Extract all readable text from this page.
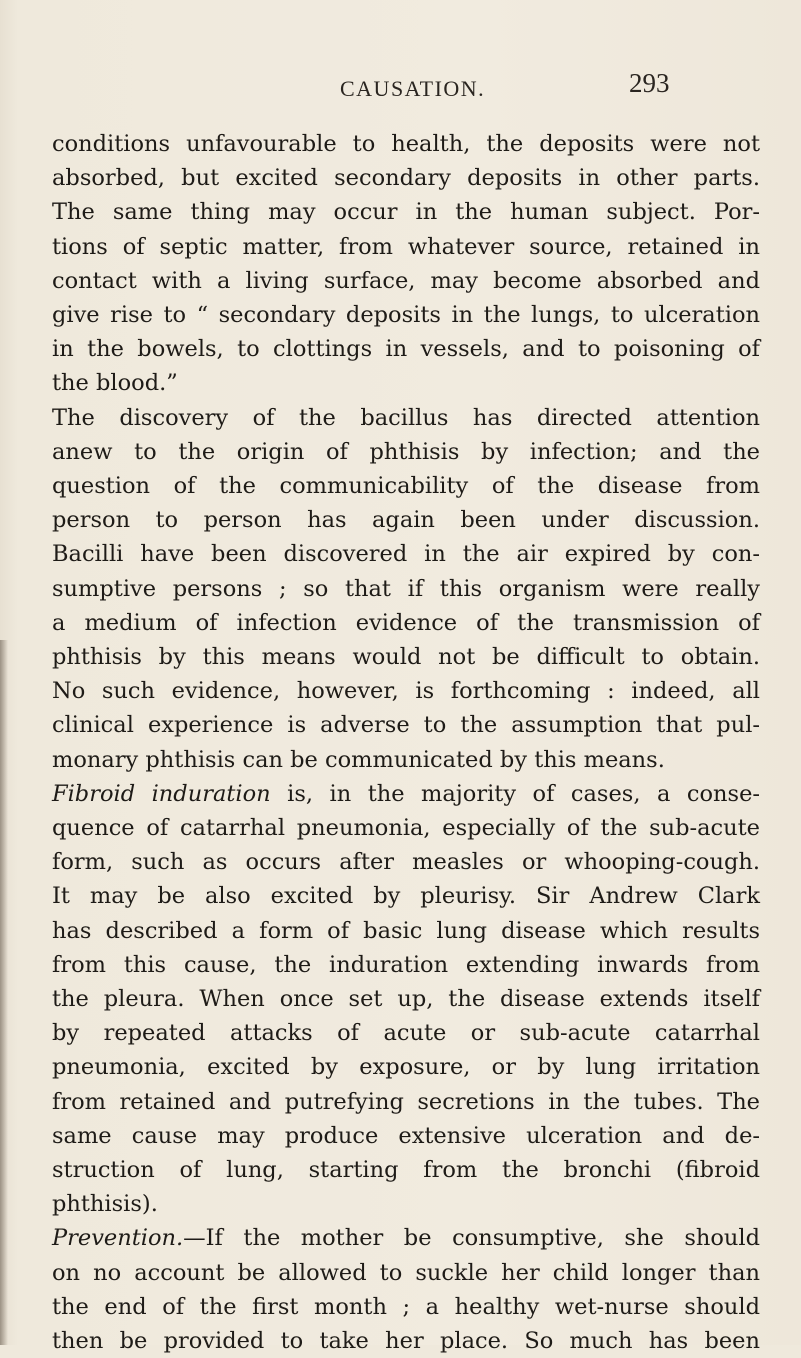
CAUSATION.	293
conditions unfavourable to health, the deposits were not
absorbed, but excited secondary deposits in other parts.
The same thing may occur in the human subject. Por-
tions of septic matter, from whatever source, retained in
contact with a living surface, may become absorbed and
give rise to “ secondary deposits in the lungs, to ulceration
in the bowels, to clottings in vessels, and to poisoning of
the blood.”
The discovery of the bacillus has directed attention
anew to the origin of phthisis by infection; and the
question of the communicability of the disease from
person to person has again been under discussion.
Bacilli have been discovered in the air expired by con-
sumptive persons ; so that if this organism were really
a medium of infection evidence of the transmission of
phthisis by this means would not be difficult to obtain.
No such evidence, however, is forthcoming : indeed, all
clinical experience is adverse to the assumption that pul-
monary phthisis can be communicated by this means.
Fibroid induration is, in the majority of cases, a conse-
quence of catarrhal pneumonia, especially of the sub-acute
form, such as occurs after measles or whooping-cough.
It may be also excited by pleurisy. Sir Andrew Clark
has described a form of basic lung disease which results
from this cause, the induration extending inwards from
the pleura. When once set up, the disease extends itself
by repeated attacks of acute or sub-acute catarrhal
pneumonia, excited by exposure, or by lung irritation
from retained and putrefying secretions in the tubes. The
same cause may produce extensive ulceration and de-
struction of lung, starting from the bronchi (fibroid
phthisis).
Prevention.—If the mother be consumptive, she should
on no account be allowed to suckle her child longer than
the end of the first month ; a healthy wet-nurse should
then be provided to take her place. So much has been
